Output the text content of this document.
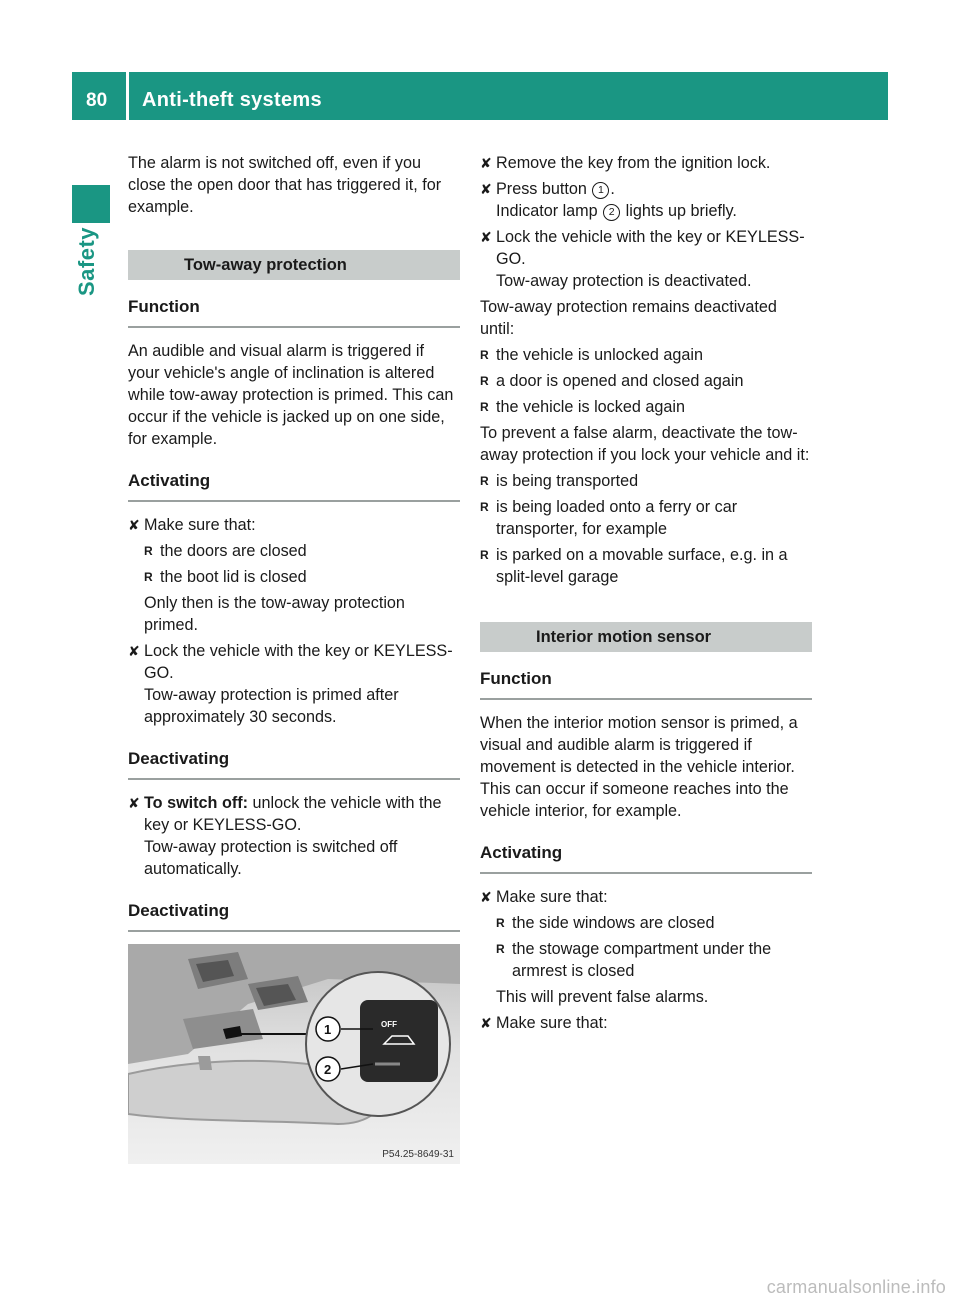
80 Anti-theft systems
Safety

The alarm is not switched off, even if you close the open door that has triggered it, for example.

Tow-away protection
Function

An audible and visual alarm is triggered if your vehicle's angle of inclination is altered while tow-away protection is primed. This can occur if the vehicle is jacked up on one side, for example.

Activating
✘ Make sure that:
R the doors are closed
R the boot lid is closed

Only then is the tow-away protection primed.

✘ Lock the vehicle with the key or KEYLESS-GO.
Tow-away protection is primed after approximately 30 seconds.
Deactivating
✘ To switch off: unlock the vehicle with the key or KEYLESS-GO.
Tow-away protection is switched off automatically.
Deactivating
OFF
1
2
P54.25-8649-31
✘ Remove the key from the ignition lock.
✘ Press button 1 .
Indicator lamp 2 lights up briefly.
✘ Lock the vehicle with the key or KEYLESS-GO.
Tow-away protection is deactivated.

Tow-away protection remains deactivated until:

R the vehicle is unlocked again
R a door is opened and closed again
R the vehicle is locked again

To prevent a false alarm, deactivate the tow-away protection if you lock your vehicle and it:

R is being transported
R is being loaded onto a ferry or car transporter, for example
R is parked on a movable surface, e.g. in a split-level garage
Interior motion sensor
Function

When the interior motion sensor is primed, a visual and audible alarm is triggered if movement is detected in the vehicle interior. This can occur if someone reaches into the vehicle interior, for example.

Activating
✘ Make sure that:
R the side windows are closed
R the stowage compartment under the armrest is closed

This will prevent false alarms.

✘ Make sure that:
carmanualsonline.info
